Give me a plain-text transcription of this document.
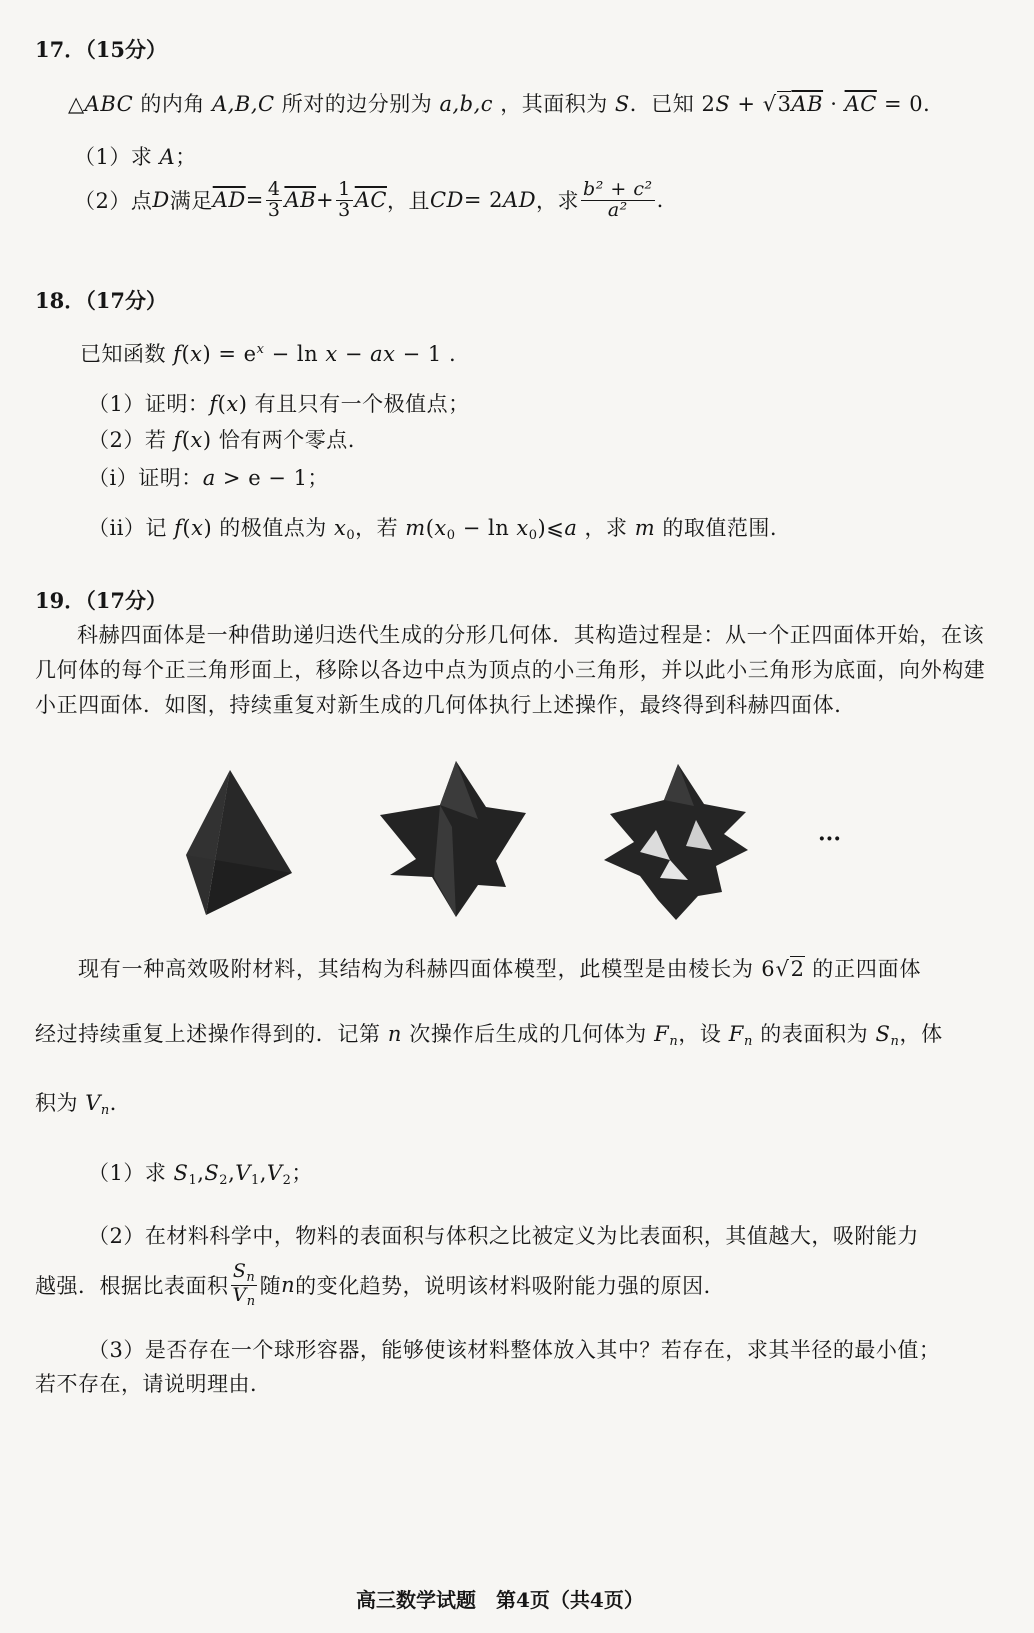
17．（15分）
△ABC 的内角 A,B,C 所对的边分别为 a,b,c ，其面积为 S．已知 $2S + √3\overline{AB} \cdot \overline{AC} = 0$．
（1）求 A；
（2）点 D 满足 $\overline{AD} = \frac{4}{3} \overline{AB} + \frac{1}{3} \overline{AC}$ ，且 CD = 2 AD ，求 $\frac{\text{b² + c²}}{\text{a²}}$ .
18．（17分）
已知函数 $f(x) = e^x - \ln x$ − ax − 1 .
（1）证明：f(x) 有且只有一个极值点；
（2）若 f(x) 恰有两个零点.
（i）证明：a > e − 1；
（ii）记 f(x) 的极值点为 $x_0$，若 $m(x_0 - \ln$ $x_0)⩽a$ ，求 m 的取值范围.
19．（17分）
科赫四面体是一种借助递归迭代生成的分形几何体．其构造过程是：从一个正四面体开始，在该几何体的每个正三角形面上，移除以各边中点为顶点的小三角形，并以此小三角形为底面，向外构建小正四面体．如图，持续重复对新生成的几何体执行上述操作，最终得到科赫四面体．
···
现有一种高效吸附材料，其结构为科赫四面体模型，此模型是由棱长为 6√2 的正四面体
经过持续重复上述操作得到的．记第 n 次操作后生成的几何体为 $F_n$，设 $F_n$ 的表面积为 $S_n$，体
积为 $V_n$．
（1）求 $S_1,S_2,V_1,V_2$；
（2）在材料科学中，物料的表面积与体积之比被定义为比表面积，其值越大，吸附能力
越强．根据比表面积 $\frac{S_n}{V_n}$ 随 n 的变化趋势，说明该材料吸附能力强的原因．
（3）是否存在一个球形容器，能够使该材料整体放入其中？若存在，求其半径的最小值；
若不存在，请说明理由．
高三数学试题　第4页（共4页）
